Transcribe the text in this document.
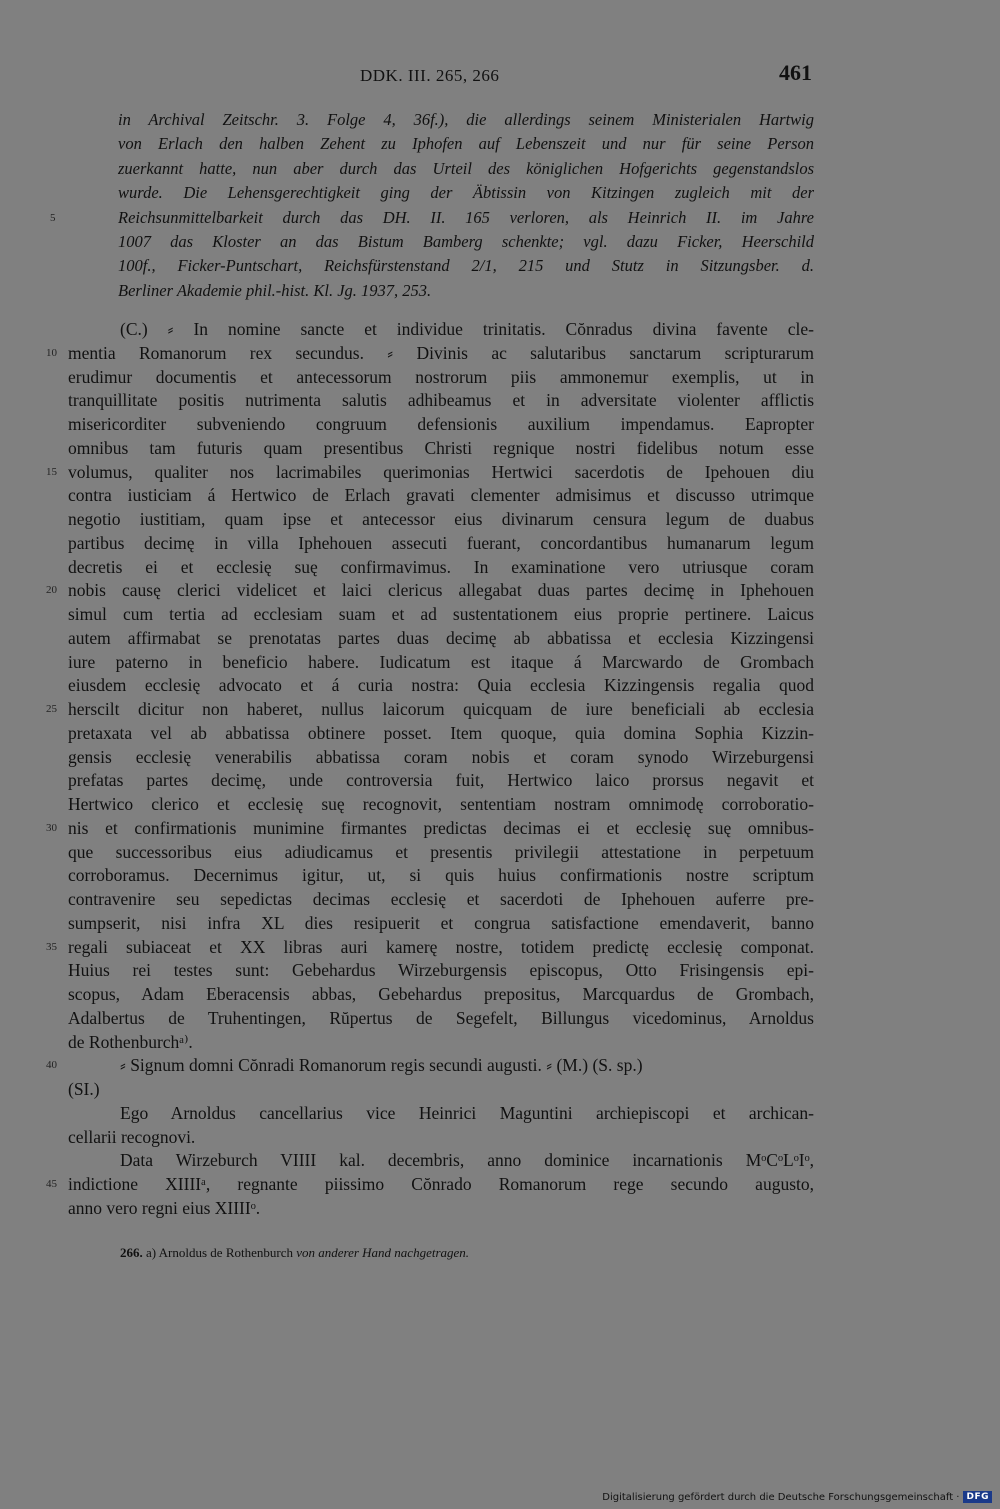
DDK. III. 265, 266	461
in Archival Zeitschr. 3. Folge 4, 36f.), die allerdings seinem Ministerialen Hartwig
von Erlach den halben Zehent zu Iphofen auf Lebenszeit und nur für seine Person
zuerkannt hatte, nun aber durch das Urteil des königlichen Hofgerichts gegenstandslos
wurde. Die Lehensgerechtigkeit ging der Äbtissin von Kitzingen zugleich mit der
5	Reichsunmittelbarkeit durch das DH. II. 165 verloren, als Heinrich II. im Jahre
1007 das Kloster an das Bistum Bamberg schenkte; vgl. dazu Ficker, Heerschild
100f., Ficker-Puntschart, Reichsfürstenstand 2/1, 215 und Stutz in Sitzungsber. d.
Berliner Akademie phil.-hist. Kl. Jg. 1937, 253.
(C.) ⸗ In nomine sancte et individue trinitatis. Cŏnradus divina favente cle-
10 mentia Romanorum rex secundus. ⸗ Divinis ac salutaribus sanctarum scripturarum
erudimur documentis et antecessorum nostrorum piis ammonemur exemplis, ut in
tranquillitate positis nutrimenta salutis adhibeamus et in adversitate violenter afflictis
misericorditer subveniendo congruum defensionis auxilium impendamus. Eapropter
omnibus tam futuris quam presentibus Christi regnique nostri fidelibus notum esse
15 volumus, qualiter nos lacrimabiles querimonias Hertwici sacerdotis de Ipehouen diu
contra iusticiam á Hertwico de Erlach gravati clementer admisimus et discusso utrimque
negotio iustitiam, quam ipse et antecessor eius divinarum censura legum de duabus
partibus decimę in villa Iphehouen assecuti fuerant, concordantibus humanarum legum
decretis ei et ecclesię suę confirmavimus. In examinatione vero utriusque coram
20 nobis causę clerici videlicet et laici clericus allegabat duas partes decimę in Iphehouen
simul cum tertia ad ecclesiam suam et ad sustentationem eius proprie pertinere. Laicus
autem affirmabat se prenotatas partes duas decimę ab abbatissa et ecclesia Kizzingensi
iure paterno in beneficio habere. Iudicatum est itaque á Marcwardo de Grombach
eiusdem ecclesię advocato et á curia nostra: Quia ecclesia Kizzingensis regalia quod
25 herscilt dicitur non haberet, nullus laicorum quicquam de iure beneficiali ab ecclesia
pretaxata vel ab abbatissa obtinere posset. Item quoque, quia domina Sophia Kizzin-
gensis ecclesię venerabilis abbatissa coram nobis et coram synodo Wirzeburgensi
prefatas partes decimę, unde controversia fuit, Hertwico laico prorsus negavit et
Hertwico clerico et ecclesię suę recognovit, sententiam nostram omnimodę corroboratio-
30 nis et confirmationis munimine firmantes predictas decimas ei et ecclesię suę omnibus-
que successoribus eius adiudicamus et presentis privilegii attestatione in perpetuum
corroboramus. Decernimus igitur, ut, si quis huius confirmationis nostre scriptum
contravenire seu sepedictas decimas ecclesię et sacerdoti de Iphehouen auferre pre-
sumpserit, nisi infra XL dies resipuerit et congrua satisfactione emendaverit, banno
35 regali subiaceat et XX libras auri kamerę nostre, totidem predictę ecclesię componat.
Huius rei testes sunt: Gebehardus Wirzeburgensis episcopus, Otto Frisingensis epi-
scopus, Adam Eberacensis abbas, Gebehardus prepositus, Marcquardus de Grombach,
Adalbertus de Truhentingen, Rŭpertus de Segefelt, Billungus vicedominus, Arnoldus
de Rothenburchᵃ⁾.
40	⸗ Signum domni Cŏnradi Romanorum regis secundi augusti. ⸗ (M.) (S. sp.)
(SI.)
Ego Arnoldus cancellarius vice Heinrici Maguntini archiepiscopi et archican-
cellarii recognovi.
Data Wirzeburch VIIII kal. decembris, anno dominice incarnationis MᵒCᵒLᵒIᵒ,
45 indictione XIIIIᵃ, regnante piissimo Cŏnrado Romanorum rege secundo augusto,
anno vero regni eius XIIIIᵒ.
266. a) Arnoldus de Rothenburch von anderer Hand nachgetragen.
Digitalisierung gefördert durch die Deutsche Forschungsgemeinschaft · DFG
